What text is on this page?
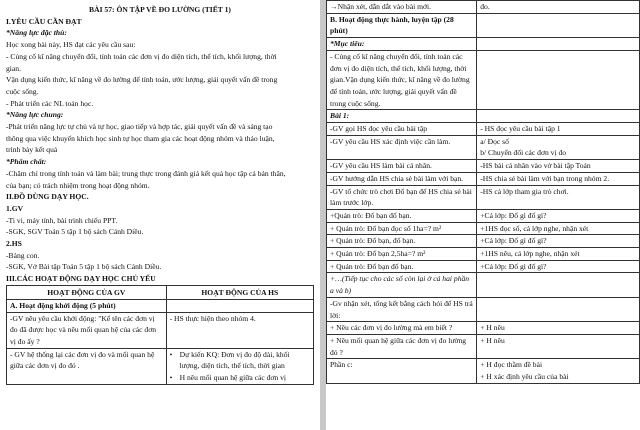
BÀI 57: ÔN TẬP VỀ ĐO LƯỜNG (TIẾT 1)
I.YÊU CẦU CẦN ĐẠT
*Năng lực đặc thù:
Học xong bài này, HS đạt các yêu cầu sau:
- Củng cố kĩ năng chuyển đổi, tính toán các đơn vị đo diện tích, thể tích, khối lượng, thời
gian.
Vận dụng kiến thức, kĩ năng về đo lường để tính toán, ước lượng, giải quyết vấn đề trong
cuộc sống.
- Phát triển các NL toán học.
*Năng lực chung:
-Phát triển năng lực tự chủ và tự học, giao tiếp và hợp tác, giải quyết vấn đề và sáng tạo
thông qua việc khuyến khích học sinh tự học tham gia các hoạt động nhóm và thảo luận,
trình bày kết quả
*Phẩm chất:
-Chăm chỉ trong tính toán và làm bài; trung thực trong đánh giá kết quả học tập cá bản thân,
của bạn; có trách nhiệm trong hoạt động nhóm.
II.ĐỒ DÙNG DẠY HỌC.
1.GV
-Ti vi, máy tính, bài trình chiếu PPT.
-SGK, SGV Toán 5 tập 1 bộ sách Cánh Diều.
2.HS
-Bảng con.
-SGK, Vở Bài tập Toán 5 tập 1 bộ sách Cánh Diều.
III.CÁC HOẠT ĐỘNG DẠY HỌC CHỦ YẾU
HOẠT ĐỘNG CỦA GV	HOẠT ĐỘNG CỦA HS
A. Hoạt động khởi động (5 phút)	
-GV nêu yêu cầu khởi động: "Kể tên các đơn vị đo đã được học và nêu mối quan hệ của các đơn vị đo ấy ?	- HS thực hiện theo nhóm 4.
- GV hệ thống lại các đơn vị đo và mối quan hệ giữa các đơn vị đo đó .	• Dự kiến KQ: Đơn vị đo độ dài, khối lượng, diện tích, thể tích, thời gian
• H nêu mối quan hệ giữa các đơn vị
→Nhận xét, dẫn dắt vào bài mới.	đo.
B. Hoạt động thực hành, luyện tập (28 phút)	
*Mục tiêu:	
- Củng cố kĩ năng chuyển đổi, tính toán các đơn vị đo diện tích, thể tích, khối lượng, thời gian.Vận dụng kiến thức, kĩ năng về đo lường để tính toán, ước lượng, giải quyết vấn đề trong cuộc sống.	
Bài 1:	
-GV gọi HS đọc yêu cầu bài tập	- HS đọc yêu cầu bài tập 1
-GV yêu cầu HS xác định việc cần làm.	a/ Đọc số
b/ Chuyển đổi các đơn vị đo
-GV yêu cầu HS làm bài cá nhân.	-HS bài cá nhân vào vở bài tập Toán
-GV hướng dẫn HS chia sẻ bài làm với bạn.	-HS chia sẻ bài làm với bạn trong nhóm 2.
-GV tổ chức trò chơi Đố bạn để HS chia sẻ bài làm trước lớp.	-HS cả lớp tham gia trò chơi.
+Quản trò: Đố bạn đố bạn.	+Cả lớp: Đố gì đố gì?
+ Quản trò: Đố bạn đọc số 1ha=? m²	+1HS đọc số, cả lớp nghe, nhận xét
+ Quản trò: Đố bạn, đố bạn.	+Cả lớp: Đố gì đố gì?
+ Quản trò: Đố bạn 2,5ha=? m²	+1HS nêu, cả lớp nghe, nhận xét
+ Quản trò: Đố bạn đố bạn.	+Cả lớp: Đố gì đố gì?
+…(Tiếp tục cho các số còn lại ở cả hai phần a và b)	
-Gv nhận xét, tổng kết bằng cách hỏi để HS trả lời:	
+ Nêu các đơn vị đo lường mà em biết ?	+ H nêu
+ Nêu mối quan hệ giữa các đơn vị đo lường đó ?	+ H nêu
Phần c:	+ H đọc thầm đề bài
+ H xác định yêu cầu của bài
